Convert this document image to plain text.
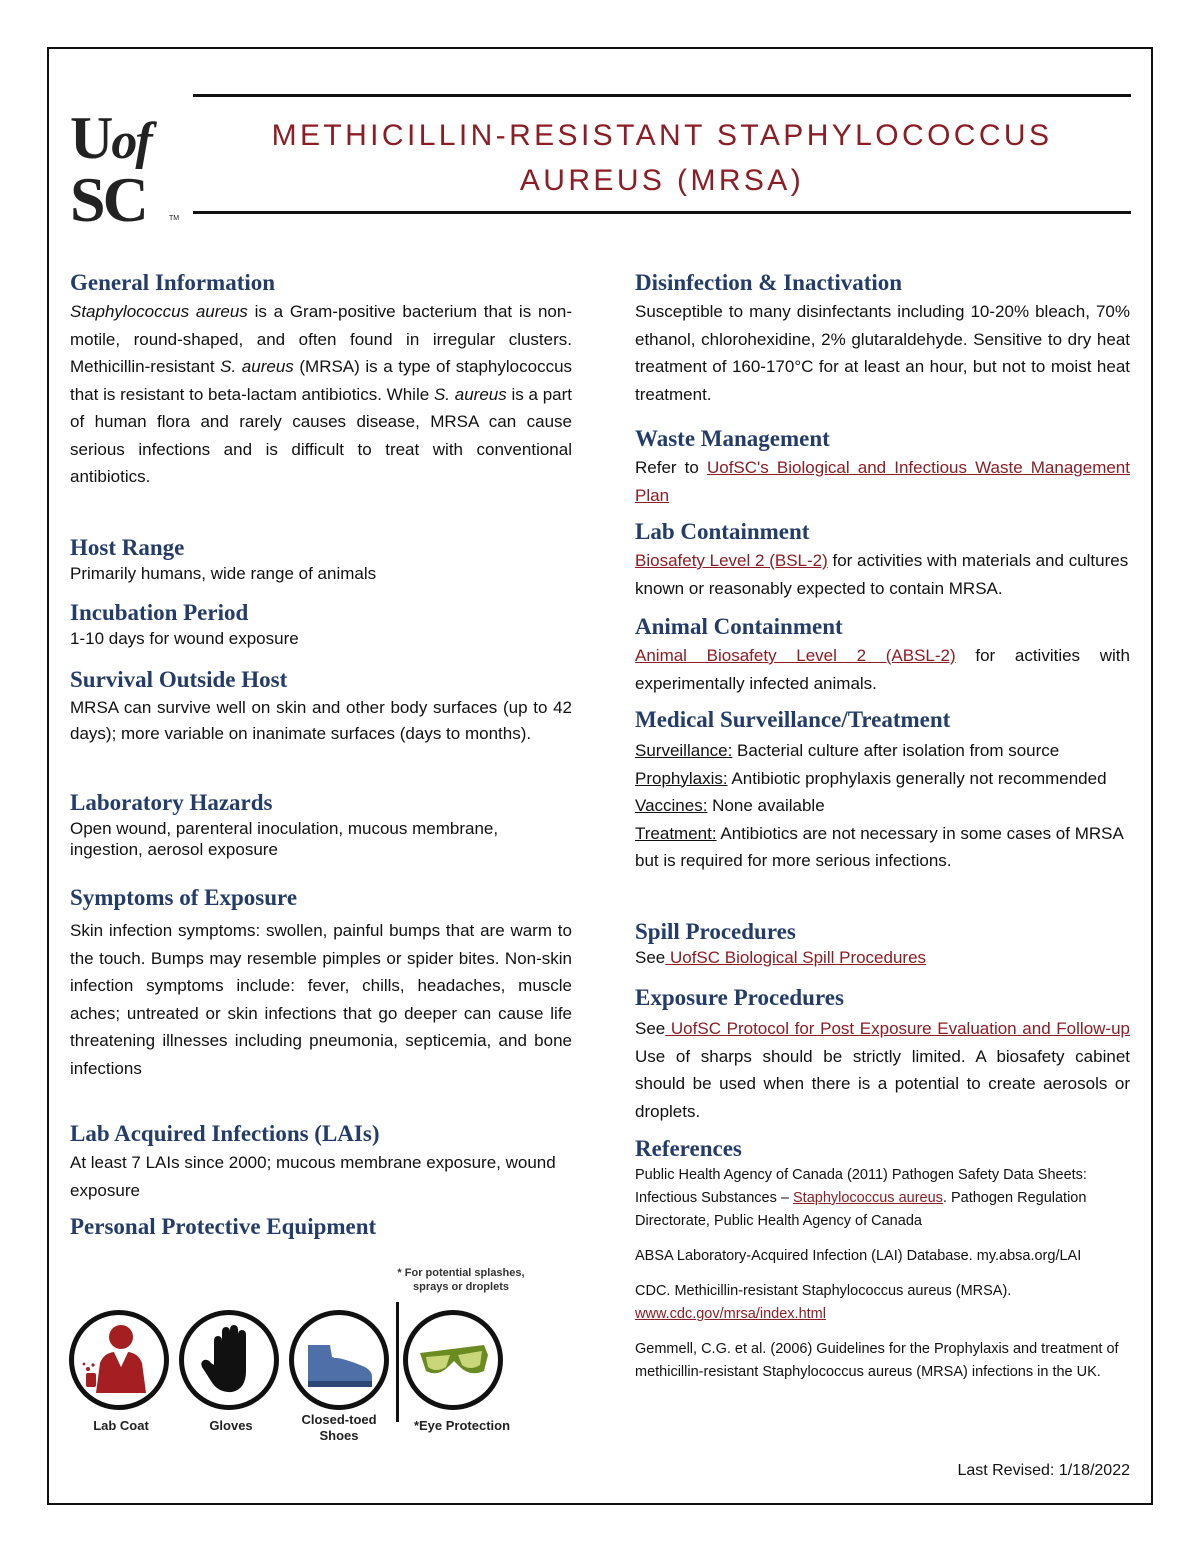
Uof
SC	TM
METHICILLIN-RESISTANT STAPHYLOCOCCUS
AUREUS (MRSA)
General Information

Staphylococcus aureus is a Gram-positive bacterium that is non-motile, round-shaped, and often found in irregular clusters. Methicillin-resistant S. aureus (MRSA) is a type of staphylococcus that is resistant to beta-lactam antibiotics. While S. aureus is a part of human flora and rarely causes disease, MRSA can cause serious infections and is difficult to treat with conventional antibiotics.

Host Range

Primarily humans, wide range of animals

Incubation Period

1-10 days for wound exposure

Survival Outside Host

MRSA can survive well on skin and other body surfaces (up to 42 days); more variable on inanimate surfaces (days to months).

Laboratory Hazards

Open wound, parenteral inoculation, mucous membrane, ingestion, aerosol exposure

Symptoms of Exposure

Skin infection symptoms: swollen, painful bumps that are warm to the touch. Bumps may resemble pimples or spider bites. Non-skin infection symptoms include: fever, chills, headaches, muscle aches; untreated or skin infections that go deeper can cause life threatening illnesses including pneumonia, septicemia, and bone infections

Lab Acquired Infections (LAIs)

At least 7 LAIs since 2000; mucous membrane exposure, wound exposure

Personal Protective Equipment
* For potential splashes, sprays or droplets
Lab Coat	Gloves	Closed-toed Shoes
*Eye Protection
Disinfection & Inactivation

Susceptible to many disinfectants including 10-20% bleach, 70% ethanol, chlorohexidine, 2% glutaraldehyde. Sensitive to dry heat treatment of 160-170°C for at least an hour, but not to moist heat treatment.

Waste Management

Refer to UofSC's Biological and Infectious Waste Management Plan

Lab Containment

Biosafety Level 2 (BSL-2) for activities with materials and cultures known or reasonably expected to contain MRSA.

Animal Containment

Animal Biosafety Level 2 (ABSL-2) for activities with experimentally infected animals.

Medical Surveillance/Treatment

Surveillance: Bacterial culture after isolation from source

Prophylaxis: Antibiotic prophylaxis generally not recommended

Vaccines: None available

Treatment: Antibiotics are not necessary in some cases of MRSA but is required for more serious infections.

Spill Procedures

See UofSC Biological Spill Procedures

Exposure Procedures

See UofSC Protocol for Post Exposure Evaluation and Follow-up Use of sharps should be strictly limited. A biosafety cabinet should be used when there is a potential to create aerosols or droplets.

References

Public Health Agency of Canada (2011) Pathogen Safety Data Sheets: Infectious Substances – Staphylococcus aureus. Pathogen Regulation Directorate, Public Health Agency of Canada

ABSA Laboratory-Acquired Infection (LAI) Database. my.absa.org/LAI

CDC. Methicillin-resistant Staphylococcus aureus (MRSA).
www.cdc.gov/mrsa/index.html

Gemmell, C.G. et al. (2006) Guidelines for the Prophylaxis and treatment of methicillin-resistant Staphylococcus aureus (MRSA) infections in the UK.

Last Revised: 1/18/2022
